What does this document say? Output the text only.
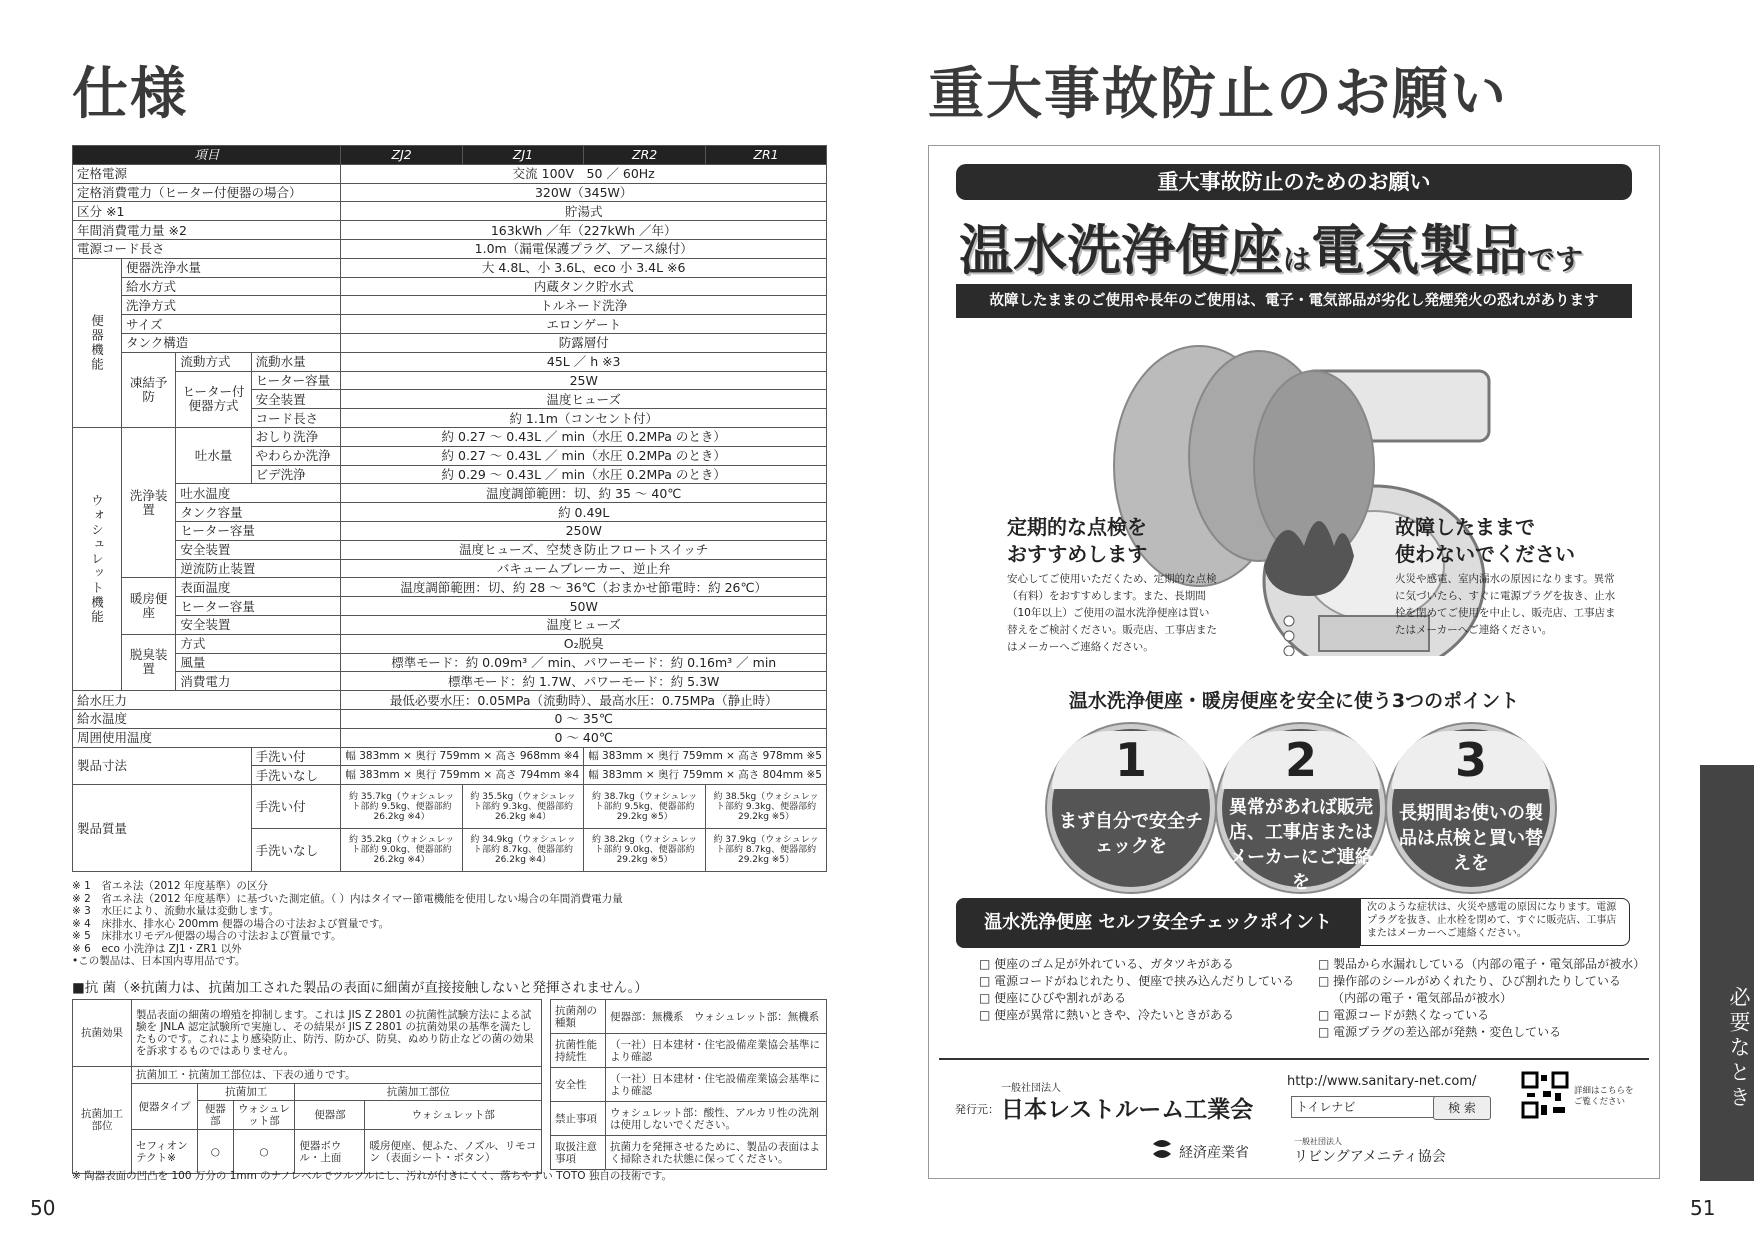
仕様
項目				ZJ2	ZJ1	ZR2	ZR1
定格電源				交流 100V　50 ／ 60Hz			
定格消費電力（ヒーター付便器の場合）				320W（345W）			
区分 ※1				貯湯式			
年間消費電力量 ※2				163kWh ／年（227kWh ／年）			
電源コード長さ				1.0m（漏電保護プラグ、アース線付）			
便器機能	便器洗浄水量			大 4.8L、小 3.6L、eco 小 3.4L ※6			
	給水方式			内蔵タンク貯水式			
	洗浄方式			トルネード洗浄			
	サイズ			エロンゲート			
	タンク構造			防露層付			
	凍結予防	流動方式	流動水量	45L ／ h ※3			
		ヒーター付便器方式	ヒーター容量	25W			
			安全装置	温度ヒューズ			
			コード長さ	約 1.1m（コンセント付）			
ウォシュレット機能	洗浄装置	吐水量	おしり洗浄	約 0.27 ～ 0.43L ／ min（水圧 0.2MPa のとき）			
			やわらか洗浄	約 0.27 ～ 0.43L ／ min（水圧 0.2MPa のとき）			
			ビデ洗浄	約 0.29 ～ 0.43L ／ min（水圧 0.2MPa のとき）			
		吐水温度		温度調節範囲：切、約 35 ～ 40℃			
		タンク容量		約 0.49L			
		ヒーター容量		250W			
		安全装置		温度ヒューズ、空焚き防止フロートスイッチ			
		逆流防止装置		バキュームブレーカー、逆止弁			
	暖房便座	表面温度		温度調節範囲：切、約 28 ～ 36℃（おまかせ節電時：約 26℃）			
		ヒーター容量		50W			
		安全装置		温度ヒューズ			
	脱臭装置	方式		O₂脱臭			
		風量		標準モード：約 0.09m³ ／ min、パワーモード：約 0.16m³ ／ min			
		消費電力		標準モード：約 1.7W、パワーモード：約 5.3W			
給水圧力				最低必要水圧：0.05MPa（流動時）、最高水圧：0.75MPa（静止時）			
給水温度				0 ～ 35℃			
周囲使用温度				0 ～ 40℃			
製品寸法			手洗い付	幅 383mm × 奥行 759mm × 高さ 968mm ※4		幅 383mm × 奥行 759mm × 高さ 978mm ※5	
			手洗いなし	幅 383mm × 奥行 759mm × 高さ 794mm ※4		幅 383mm × 奥行 759mm × 高さ 804mm ※5	
製品質量			手洗い付	約 35.7kg（ウォシュレット部約 9.5kg、便器部約 26.2kg ※4）	約 35.5kg（ウォシュレット部約 9.3kg、便器部約 26.2kg ※4）	約 38.7kg（ウォシュレット部約 9.5kg、便器部約 29.2kg ※5）	約 38.5kg（ウォシュレット部約 9.3kg、便器部約 29.2kg ※5）
			手洗いなし	約 35.2kg（ウォシュレット部約 9.0kg、便器部約 26.2kg ※4）	約 34.9kg（ウォシュレット部約 8.7kg、便器部約 26.2kg ※4）	約 38.2kg（ウォシュレット部約 9.0kg、便器部約 29.2kg ※5）	約 37.9kg（ウォシュレット部約 8.7kg、便器部約 29.2kg ※5）
※ 1　省エネ法（2012 年度基準）の区分
※ 2　省エネ法（2012 年度基準）に基づいた測定値。（ ）内はタイマー節電機能を使用しない場合の年間消費電力量
※ 3　水圧により、流動水量は変動します。
※ 4　床排水、排水心 200mm 便器の場合の寸法および質量です。
※ 5　床排水リモデル便器の場合の寸法および質量です。
※ 6　eco 小洗浄は ZJ1・ZR1 以外
•この製品は、日本国内専用品です。
■抗 菌（※抗菌力は、抗菌加工された製品の表面に細菌が直接接触しないと発揮されません。）
抗菌効果	製品表面の細菌の増殖を抑制します。これは JIS Z 2801 の抗菌性試験方法による試験を JNLA 認定試験所で実施し、その結果が JIS Z 2801 の抗菌効果の基準を満たしたものです。これにより感染防止、防汚、防かび、防臭、ぬめり防止などの菌の効果を訴求するものではありません。				
抗菌加工部位	抗菌加工・抗菌加工部位は、下表の通りです。				
	便器タイプ	抗菌加工		抗菌加工部位	
		便器部	ウォシュレット部	便器部	ウォシュレット部
	セフィオンテクト※	○	○	便器ボウル・上面	暖房便座、便ふた、ノズル、リモコン（表面シート・ボタン）
抗菌剤の種類	便器部：無機系　ウォシュレット部：無機系
抗菌性能持続性	（一社）日本建材・住宅設備産業協会基準により確認
安全性	（一社）日本建材・住宅設備産業協会基準により確認
禁止事項	ウォシュレット部：酸性、アルカリ性の洗剤は使用しないでください。
取扱注意事項	抗菌力を発揮させるために、製品の表面はよく掃除された状態に保ってください。
※ 陶器表面の凹凸を 100 万分の 1mm のナノレベルでツルツルにし、汚れが付きにくく、落ちやすい TOTO 独自の技術です。
50
重大事故防止のお願い
重大事故防止のためのお願い
温水洗浄便座は電気製品です
故障したままのご使用や長年のご使用は、電子・電気部品が劣化し発煙発火の恐れがあります
定期的な点検を
おすすめします
安心してご使用いただくため、定期的な点検（有料）をおすすめします。また、長期間（10年以上）ご使用の温水洗浄便座は買い替えをご検討ください。販売店、工事店またはメーカーへご連絡ください。
故障したままで
使わないでください
火災や感電、室内漏水の原因になります。異常に気づいたら、すぐに電源プラグを抜き、止水栓を閉めてご使用を中止し、販売店、工事店またはメーカーへご連絡ください。
温水洗浄便座・暖房便座を安全に使う3つのポイント
1
まず自分で安全チェックを
2
異常があれば販売店、工事店またはメーカーにご連絡を
3
長期間お使いの製品は点検と買い替えを
温水洗浄便座 セルフ安全チェックポイント
次のような症状は、火災や感電の原因になります。電源プラグを抜き、止水栓を閉めて、すぐに販売店、工事店またはメーカーへご連絡ください。
□ 便座のゴム足が外れている、ガタツキがある
□ 電源コードがねじれたり、便座で挟み込んだりしている
□ 便座にひびや割れがある
□ 便座が異常に熱いときや、冷たいときがある
□ 製品から水漏れしている（内部の電子・電気部品が被水）
□ 操作部のシールがめくれたり、ひび割れたりしている
（内部の電子・電気部品が被水）
□ 電源コードが熱くなっている
□ 電源プラグの差込部が発熱・変色している
発行元：
一般社団法人
日本レストルーム工業会
http://www.sanitary-net.com/
トイレナビ	検 索
詳細はこちらをご覧ください
経済産業省
一般社団法人
リビングアメニティ協会
必要なとき
51
